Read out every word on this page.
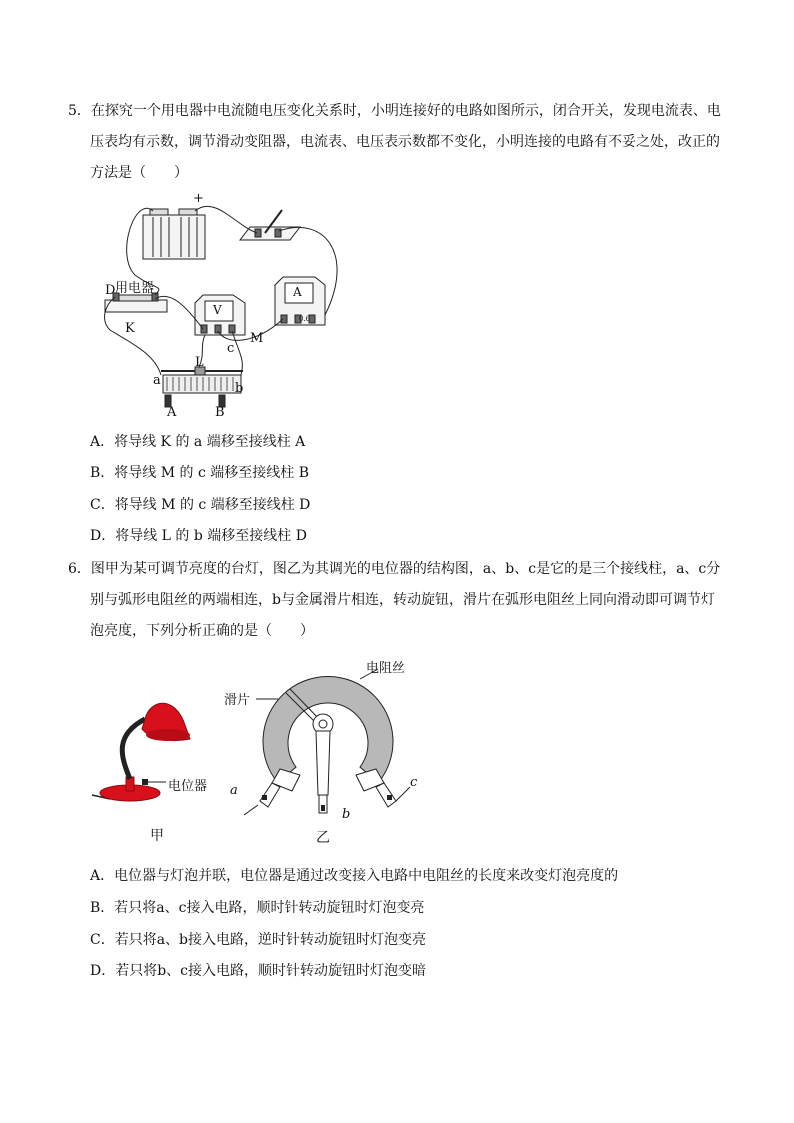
5．在探究一个用电器中电流随电压变化关系时，小明连接好的电路如图所示，闭合开关，发现电流表、电
压表均有示数，调节滑动变阻器，电流表、电压表示数都不变化，小明连接的电路有不妥之处，改正的
方法是（　　）
+
用电器
D
K
L
M
c
a
b
A	B
V
A
0.6
A．将导线 K 的 a 端移至接线柱 A
B．将导线 M 的 c 端移至接线柱 B
C．将导线 M 的 c 端移至接线柱 D
D．将导线 L 的 b 端移至接线柱 D
6．图甲为某可调节亮度的台灯，图乙为其调光的电位器的结构图，a、b、c是它的是三个接线柱，a、c分
别与弧形电阻丝的两端相连，b与金属滑片相连，转动旋钮，滑片在弧形电阻丝上同向滑动即可调节灯
泡亮度，下列分析正确的是（　　）
电位器
甲
电阻丝
滑片
a
b
c
乙
A．电位器与灯泡并联，电位器是通过改变接入电路中电阻丝的长度来改变灯泡亮度的
B．若只将a、c接入电路，顺时针转动旋钮时灯泡变亮
C．若只将a、b接入电路，逆时针转动旋钮时灯泡变亮
D．若只将b、c接入电路，顺时针转动旋钮时灯泡变暗
